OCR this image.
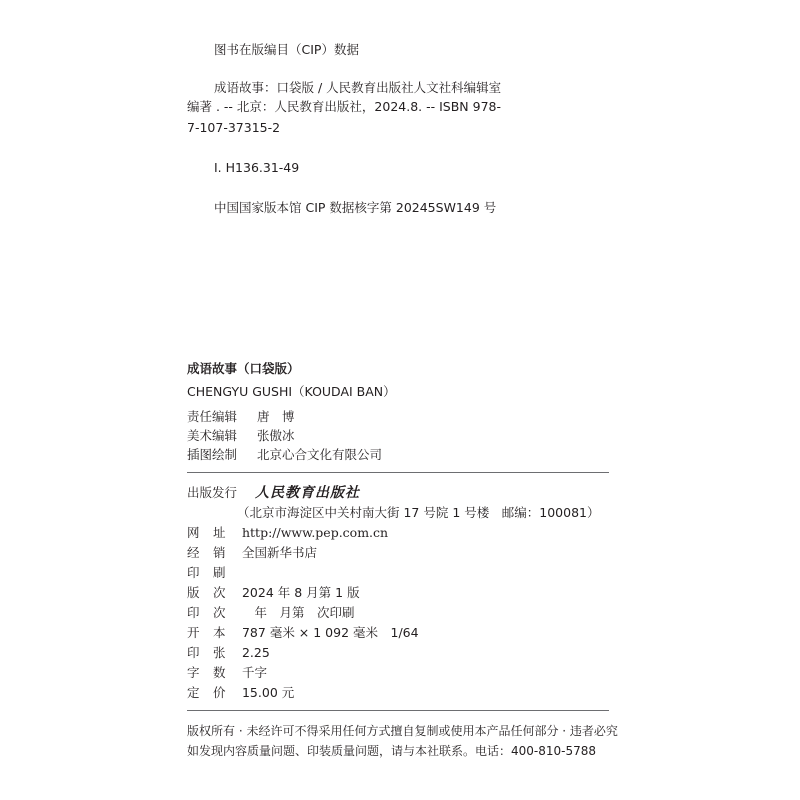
图书在版编目（CIP）数据
成语故事：口袋版 / 人民教育出版社人文社科编辑室
编著 . -- 北京：人民教育出版社，2024.8. -- ISBN 978-
7-107-37315-2
Ⅰ. H136.31-49
中国国家版本馆 CIP 数据核字第 20245SW149 号
成语故事（口袋版）
CHENGYU GUSHI（KOUDAI BAN）
责任编辑 唐　博
美术编辑 张傲冰
插图绘制 北京心合文化有限公司
出版发行 人民教育出版社
（北京市海淀区中关村南大街 17 号院 1 号楼　邮编：100081）
网 址 http://www.pep.com.cn
经 销 全国新华书店
印 刷
版 次 2024 年 8 月第 1 版
印 次 　年　月第　次印刷
开 本 787 毫米 × 1 092 毫米　1/64
印 张 2.25
字 数 千字
定 价 15.00 元
版权所有 · 未经许可不得采用任何方式擅自复制或使用本产品任何部分 · 违者必究
如发现内容质量问题、印装质量问题，请与本社联系。电话：400-810-5788
